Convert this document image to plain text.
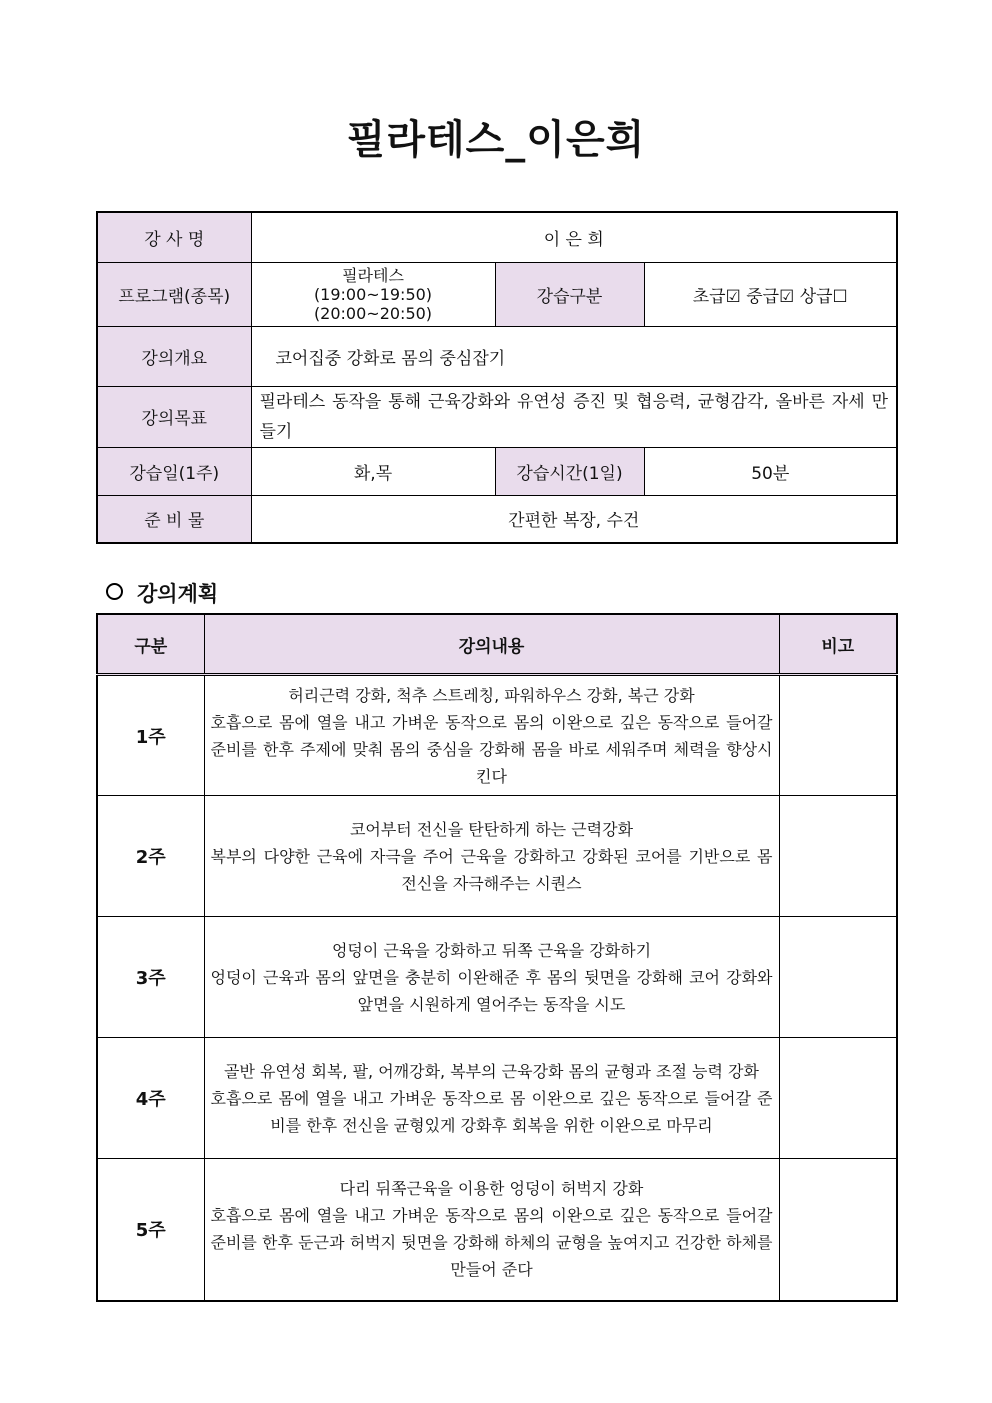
필라테스_이은희
강 사 명	이 은 희		
프로그램(종목)	필라테스
(19:00~19:50)
(20:00~20:50)	강습구분	초급☑ 중급☑ 상급☐
강의개요	코어집중 강화로 몸의 중심잡기		
강의목표	필라테스 동작을 통해 근육강화와 유연성 증진 및 협응력, 균형감각, 올바른 자세 만들기		
강습일(1주)	화,목	강습시간(1일)	50분
준 비 물	간편한 복장, 수건		
강의계획
구분	강의내용	비고
1주	허리근력 강화, 척추 스트레칭, 파워하우스 강화, 복근 강화
호흡으로 몸에 열을 내고 가벼운 동작으로 몸의 이완으로 깊은 동작으로 들어갈 준비를 한후 주제에 맞춰 몸의 중심을 강화해 몸을 바로 세워주며 체력을 향상시킨다	

2주	코어부터 전신을 탄탄하게 하는 근력강화
복부의 다양한 근육에 자극을 주어 근육을 강화하고 강화된 코어를 기반으로 몸 전신을 자극해주는 시퀀스	

3주	엉덩이 근육을 강화하고 뒤쪽 근육을 강화하기
엉덩이 근육과 몸의 앞면을 충분히 이완해준 후 몸의 뒷면을 강화해 코어 강화와 앞면을 시원하게 열어주는 동작을 시도	

4주	골반 유연성 회복, 팔, 어깨강화, 복부의 근육강화 몸의 균형과 조절 능력 강화
호흡으로 몸에 열을 내고 가벼운 동작으로 몸 이완으로 깊은 동작으로 들어갈 준비를 한후 전신을 균형있게 강화후 회복을 위한 이완으로 마무리	

5주	다리 뒤쪽근육을 이용한 엉덩이 허벅지 강화
호흡으로 몸에 열을 내고 가벼운 동작으로 몸의 이완으로 깊은 동작으로 들어갈 준비를 한후 둔근과 허벅지 뒷면을 강화해 하체의 균형을 높여지고 건강한 하체를 만들어 준다	
